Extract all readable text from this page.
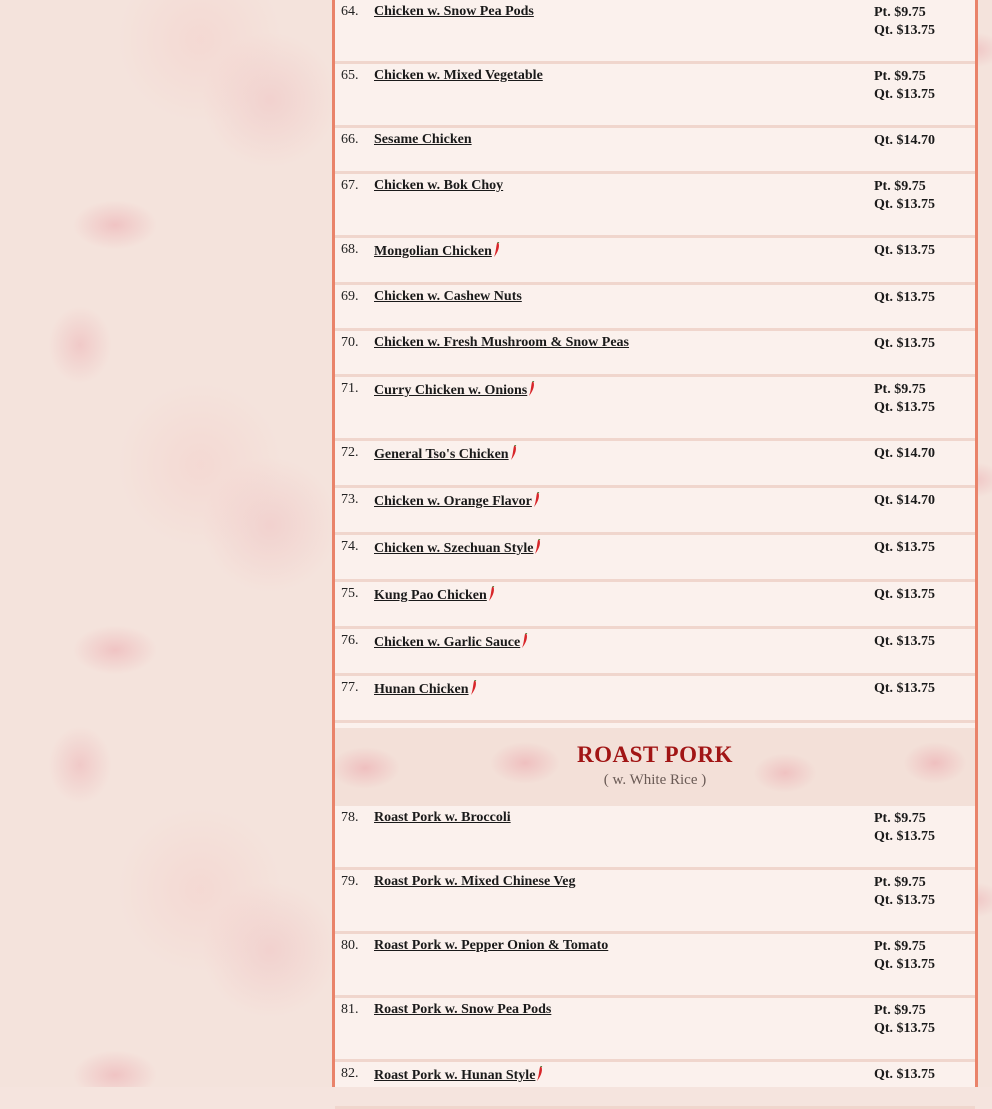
64. Chicken w. Snow Pea Pods	Pt. $9.75
Qt. $13.75
65. Chicken w. Mixed Vegetable	Pt. $9.75
Qt. $13.75
66. Sesame Chicken	Qt. $14.70
67. Chicken w. Bok Choy	Pt. $9.75
Qt. $13.75
68. Mongolian Chicken	Qt. $13.75
69. Chicken w. Cashew Nuts	Qt. $13.75
70. Chicken w. Fresh Mushroom & Snow Peas	Qt. $13.75
71. Curry Chicken w. Onions	Pt. $9.75
Qt. $13.75
72. General Tso's Chicken	Qt. $14.70
73. Chicken w. Orange Flavor	Qt. $14.70
74. Chicken w. Szechuan Style	Qt. $13.75
75. Kung Pao Chicken	Qt. $13.75
76. Chicken w. Garlic Sauce	Qt. $13.75
77. Hunan Chicken	Qt. $13.75
ROAST PORK
( w. White Rice )
78. Roast Pork w. Broccoli	Pt. $9.75
Qt. $13.75
79. Roast Pork w. Mixed Chinese Veg	Pt. $9.75
Qt. $13.75
80. Roast Pork w. Pepper Onion & Tomato	Pt. $9.75
Qt. $13.75
81. Roast Pork w. Snow Pea Pods	Pt. $9.75
Qt. $13.75
82. Roast Pork w. Hunan Style	Qt. $13.75
